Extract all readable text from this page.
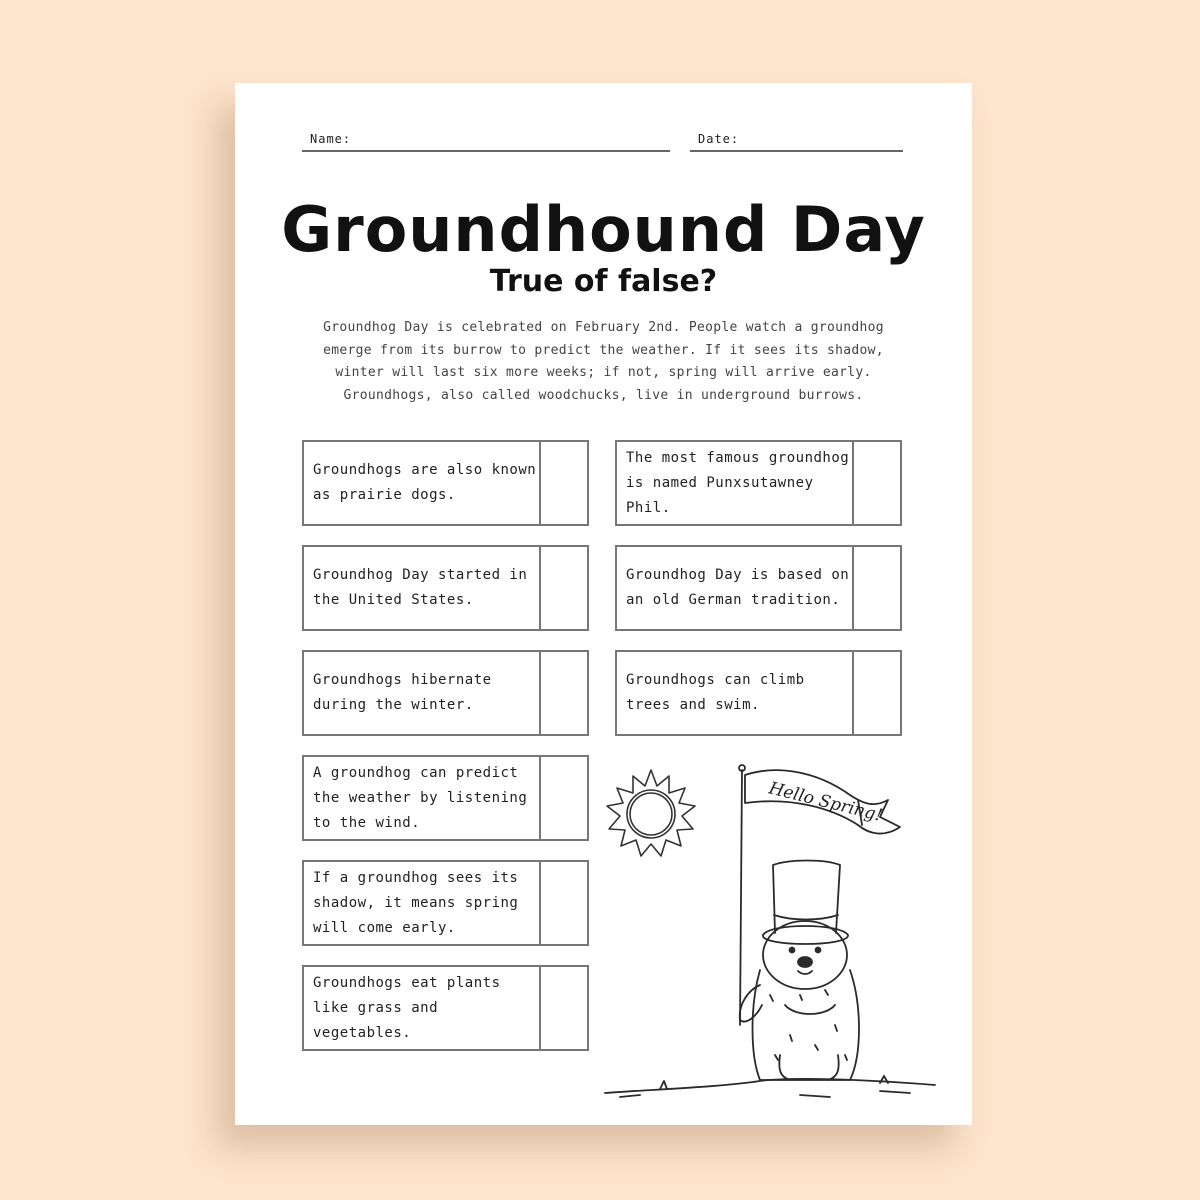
Name:	Date:
Groundhound Day
True of false?
Groundhog Day is celebrated on February 2nd. People watch a groundhog emerge from its burrow to predict the weather. If it sees its shadow, winter will last six more weeks; if not, spring will arrive early. Groundhogs, also called woodchucks, live in underground burrows.
Groundhogs are also known as prairie dogs.
Groundhog Day started in the United States.
Groundhogs hibernate during the winter.
A groundhog can predict the weather by listening to the wind.
If a groundhog sees its shadow, it means spring will come early.
Groundhogs eat plants like grass and vegetables.
The most famous groundhog is named Punxsutawney Phil.
Groundhog Day is based on an old German tradition.
Groundhogs can climb trees and swim.
Hello Spring!
